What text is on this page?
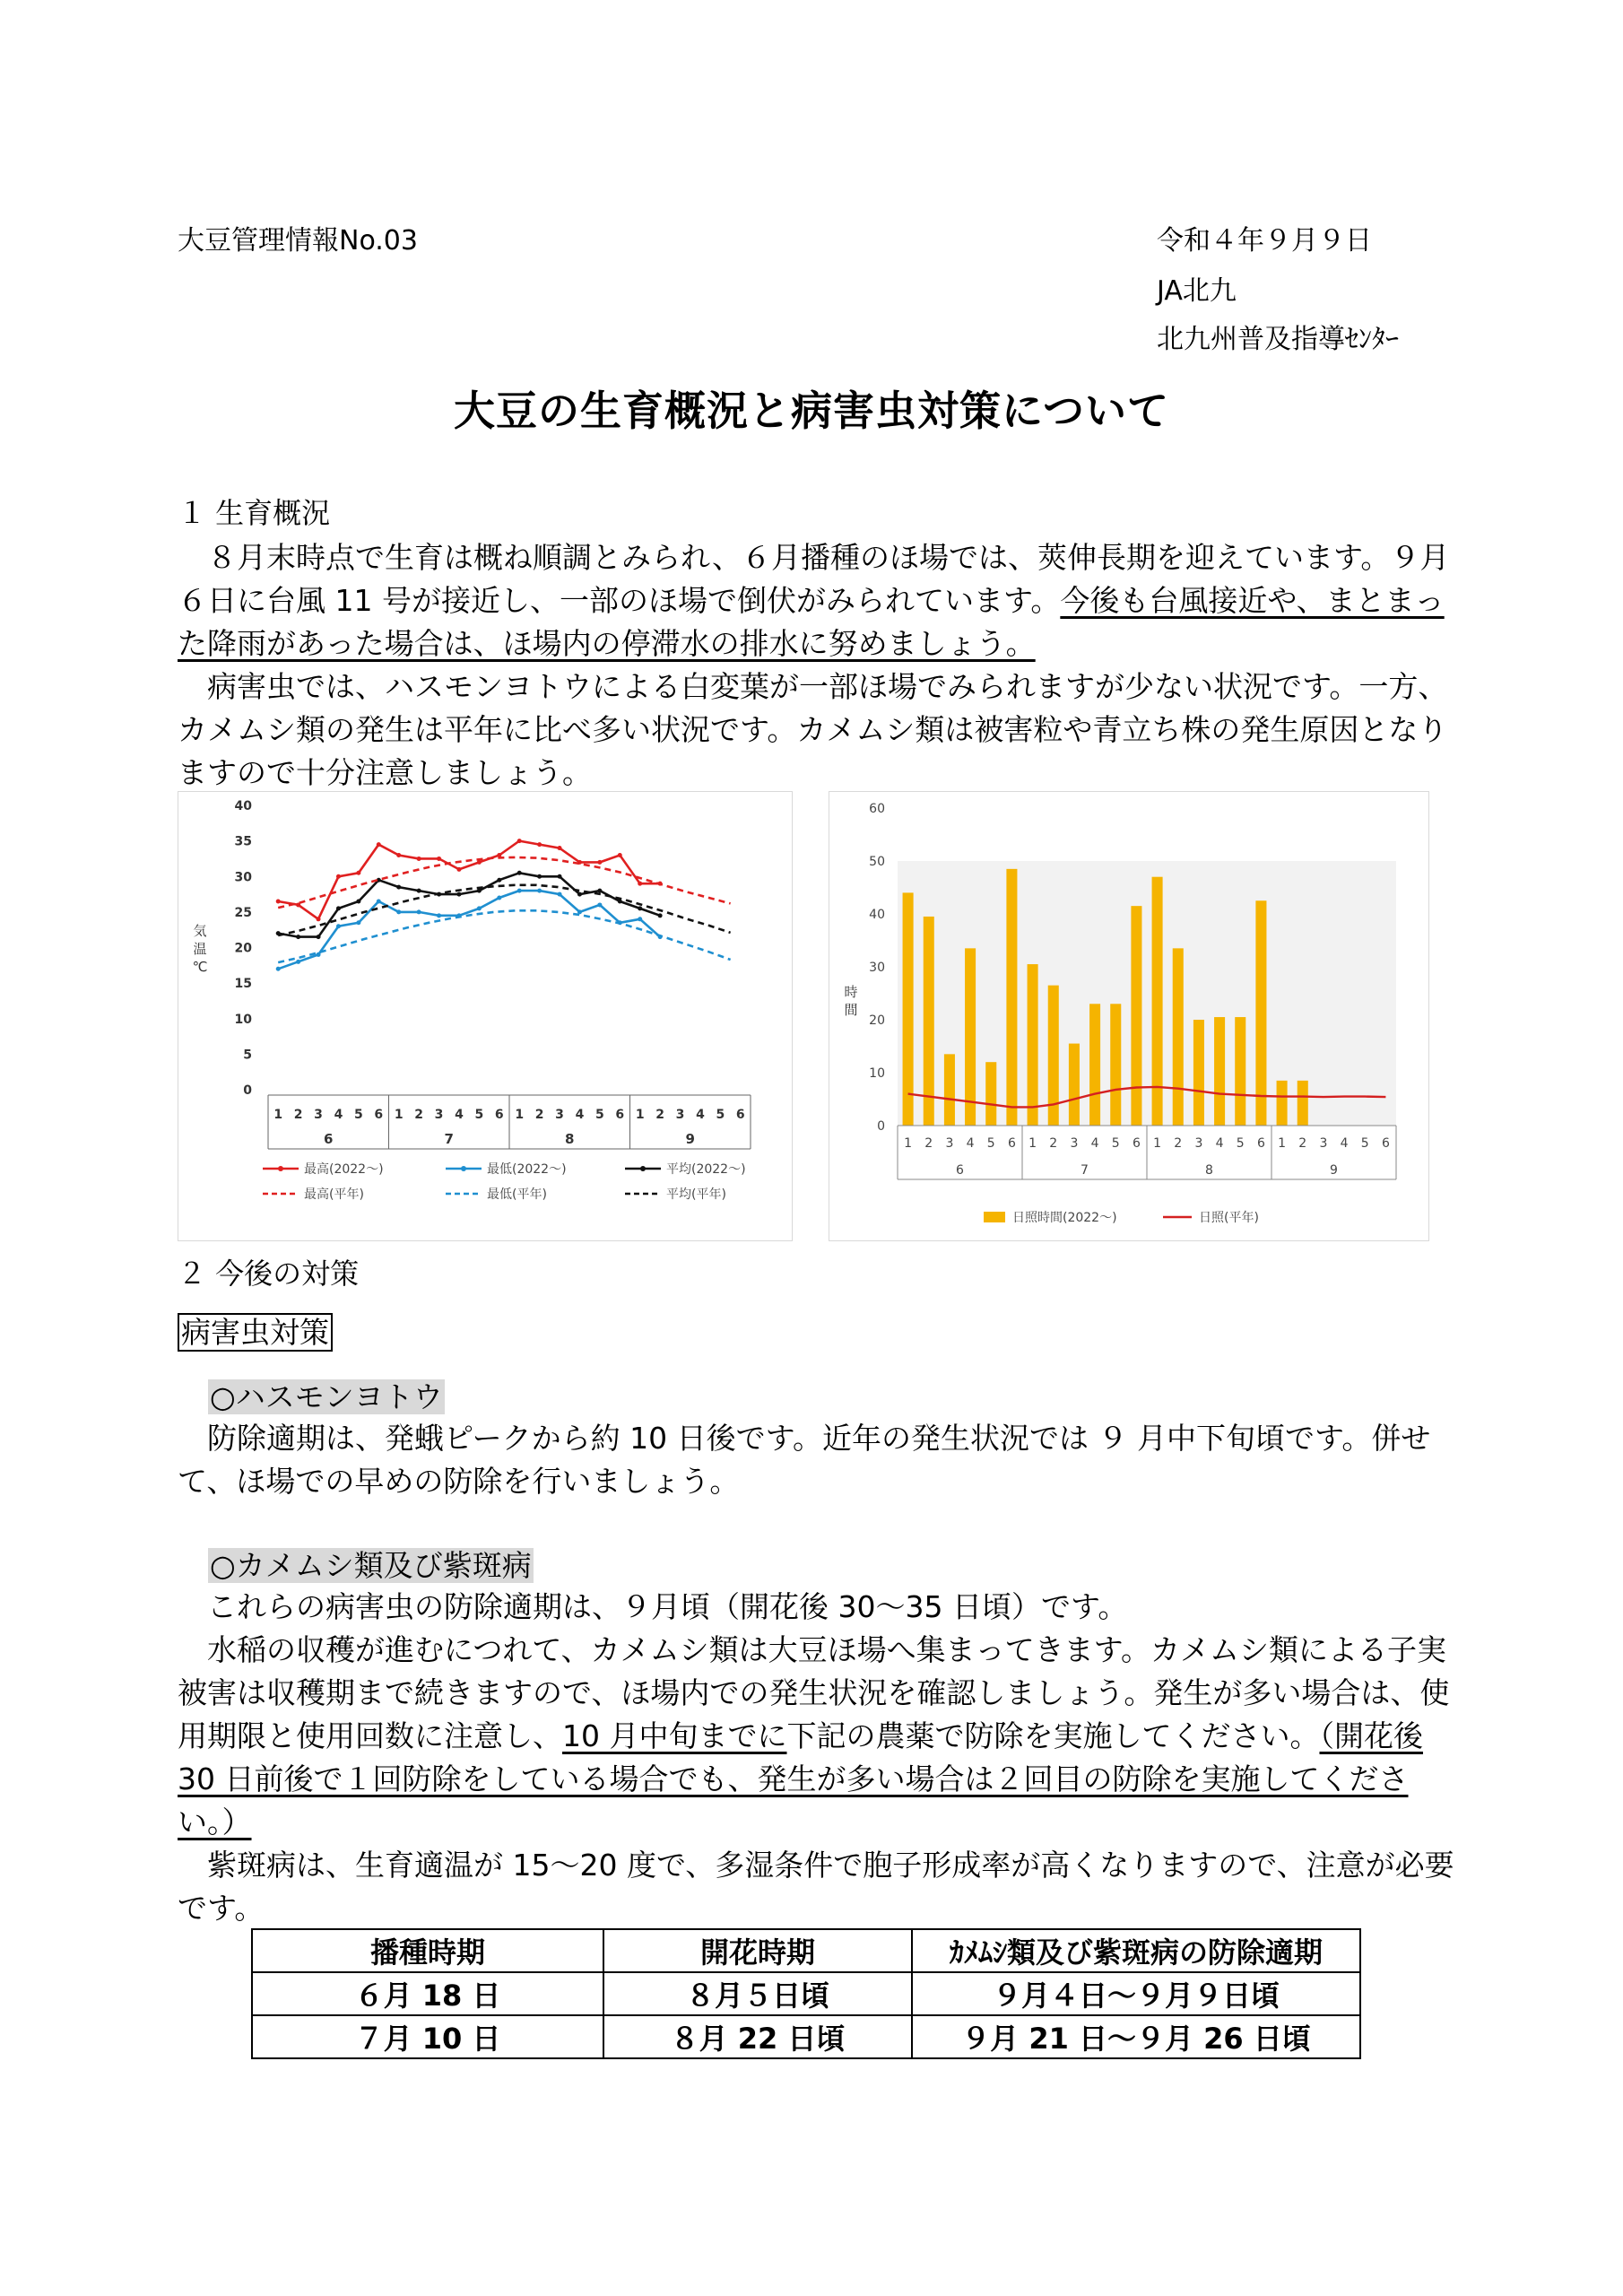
大豆管理情報No.03	令和４年９月９日
JA北九
北九州普及指導ｾﾝﾀｰ
大豆の生育概況と病害虫対策について
１ 生育概況

８月末時点で生育は概ね順調とみられ、６月播種のほ場では、莢伸長期を迎えています。９月６日に台風 11 号が接近し、一部のほ場で倒伏がみられています。今後も台風接近や、まとまった降雨があった場合は、ほ場内の停滞水の排水に努めましょう。

病害虫では、ハスモンヨトウによる白変葉が一部ほ場でみられますが少ない状況です。一方、カメムシ類の発生は平年に比べ多い状況です。カメムシ類は被害粒や青立ち株の発生原因となりますので十分注意しましょう。

0
5
10
15
20
25
30
35
40
気
温
℃
1 2 3 4 5 6 1 2 3 4 5 6 1 2 3 4 5 6 1 2 3 4 5 6
6	7	8	9
最高(2022～)	最低(2022～)	平均(2022～)
最高(平年)	最低(平年)	平均(平年)
0
10
20
30
40
50
60
時
間
1 2 3 4 5 6 1 2 3 4 5 6 1 2 3 4 5 6 1 2 3 4 5 6
6	7	8	9
日照時間(2022～)	日照(平年)
２ 今後の対策
病害虫対策
○ハスモンヨトウ
防除適期は、発蛾ピークから約 10 日後です。近年の発生状況では ９ 月中下旬頃です。併せて、ほ場での早めの防除を行いましょう。
○カメムシ類及び紫斑病

これらの病害虫の防除適期は、９月頃（開花後 30～35 日頃）です。

水稲の収穫が進むにつれて、カメムシ類は大豆ほ場へ集まってきます。カメムシ類による子実被害は収穫期まで続きますので、ほ場内での発生状況を確認しましょう。発生が多い場合は、使用期限と使用回数に注意し、10 月中旬までに下記の農薬で防除を実施してください。（開花後 30 日前後で１回防除をしている場合でも、発生が多い場合は２回目の防除を実施してください。）

紫斑病は、生育適温が 15～20 度で、多湿条件で胞子形成率が高くなりますので、注意が必要です。

播種時期	開花時期	ｶﾒﾑｼ類及び紫斑病の防除適期
６月 18 日	８月５日頃	９月４日～９月９日頃
７月 10 日	８月 22 日頃	９月 21 日～９月 26 日頃
